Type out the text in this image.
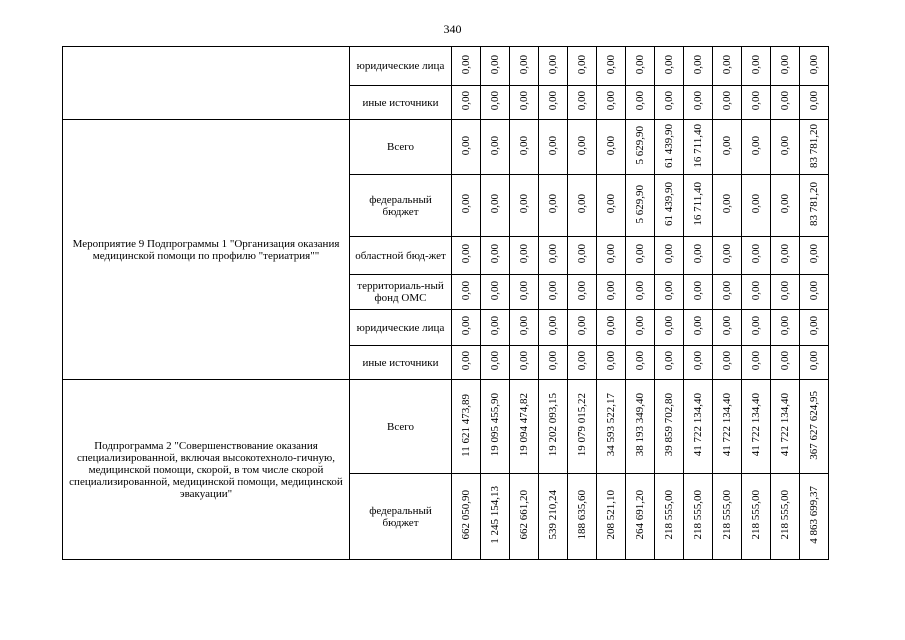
340
	юридические лица	0,00	0,00	0,00	0,00	0,00	0,00	0,00	0,00	0,00	0,00	0,00	0,00	0,00
	иные источники	0,00	0,00	0,00	0,00	0,00	0,00	0,00	0,00	0,00	0,00	0,00	0,00	0,00
Мероприятие 9 Подпрограммы 1 "Организация оказания медицинской помощи по профилю "териатрия""	Всего	0,00	0,00	0,00	0,00	0,00	0,00	5 629,90	61 439,90	16 711,40	0,00	0,00	0,00	83 781,20
	федеральный бюджет	0,00	0,00	0,00	0,00	0,00	0,00	5 629,90	61 439,90	16 711,40	0,00	0,00	0,00	83 781,20
	областной бюд-жет	0,00	0,00	0,00	0,00	0,00	0,00	0,00	0,00	0,00	0,00	0,00	0,00	0,00
	территориаль-ный фонд ОМС	0,00	0,00	0,00	0,00	0,00	0,00	0,00	0,00	0,00	0,00	0,00	0,00	0,00
	юридические лица	0,00	0,00	0,00	0,00	0,00	0,00	0,00	0,00	0,00	0,00	0,00	0,00	0,00
	иные источники	0,00	0,00	0,00	0,00	0,00	0,00	0,00	0,00	0,00	0,00	0,00	0,00	0,00
Подпрограмма 2 "Совершенствование оказания специализированной, включая высокотехноло-гичную, медицинской помощи, скорой, в том числе скорой специализированной, медицинской помощи, медицинской эвакуации"	Всего	11 621 473,89	19 095 455,90	19 094 474,82	19 202 093,15	19 079 015,22	34 593 522,17	38 193 349,40	39 859 702,80	41 722 134,40	41 722 134,40	41 722 134,40	41 722 134,40	367 627 624,95
	федеральный бюджет	662 050,90	1 245 154,13	662 661,20	539 210,24	188 635,60	208 521,10	264 691,20	218 555,00	218 555,00	218 555,00	218 555,00	218 555,00	4 863 699,37
